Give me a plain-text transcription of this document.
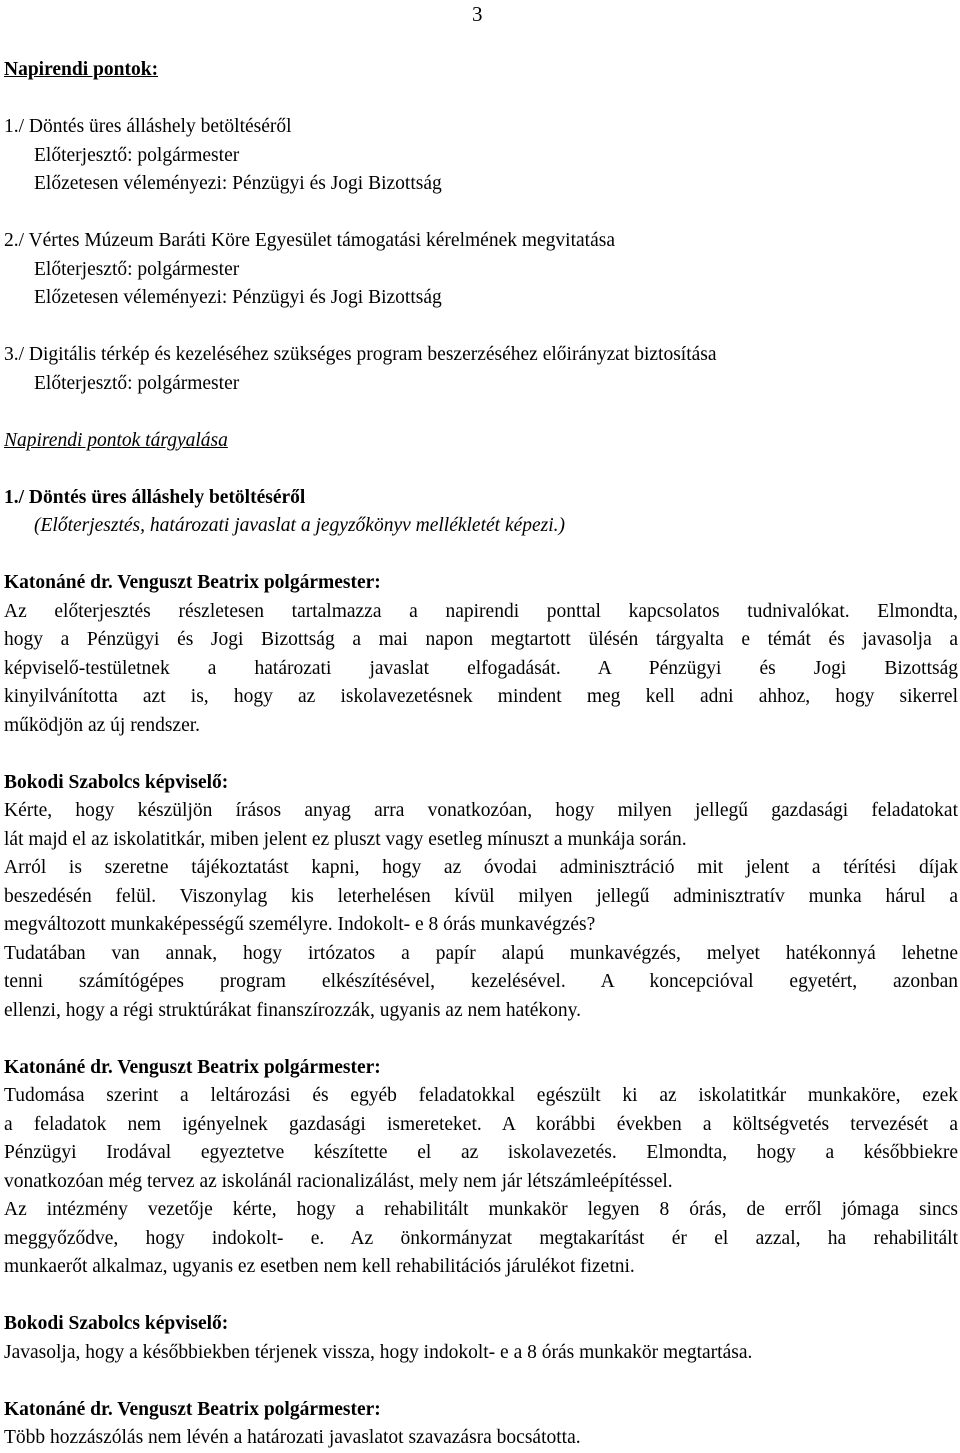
3
Napirendi pontok:
1./ Döntés üres álláshely betöltéséről
Előterjesztő: polgármester
Előzetesen véleményezi: Pénzügyi és Jogi Bizottság
2./ Vértes Múzeum Baráti Köre Egyesület támogatási kérelmének megvitatása
Előterjesztő: polgármester
Előzetesen véleményezi: Pénzügyi és Jogi Bizottság
3./ Digitális térkép és kezeléséhez szükséges program beszerzéséhez előirányzat biztosítása
Előterjesztő: polgármester
Napirendi pontok tárgyalása
1./ Döntés üres álláshely betöltéséről
(Előterjesztés, határozati javaslat a jegyzőkönyv mellékletét képezi.)
Katonáné dr. Venguszt Beatrix polgármester:
Az előterjesztés részletesen tartalmazza a napirendi ponttal kapcsolatos tudnivalókat. Elmondta,
hogy a Pénzügyi és Jogi Bizottság a mai napon megtartott ülésén tárgyalta e témát és javasolja a
képviselő-testületnek a határozati javaslat elfogadását. A Pénzügyi és Jogi Bizottság
kinyilvánította azt is, hogy az iskolavezetésnek mindent meg kell adni ahhoz, hogy sikerrel
működjön az új rendszer.
Bokodi Szabolcs képviselő:
Kérte, hogy készüljön írásos anyag arra vonatkozóan, hogy milyen jellegű gazdasági feladatokat
lát majd el az iskolatitkár, miben jelent ez pluszt vagy esetleg mínuszt a munkája során.
Arról is szeretne tájékoztatást kapni, hogy az óvodai adminisztráció mit jelent a térítési díjak
beszedésén felül. Viszonylag kis leterhelésen kívül milyen jellegű adminisztratív munka hárul a
megváltozott munkaképességű személyre. Indokolt- e 8 órás munkavégzés?
Tudatában van annak, hogy irtózatos a papír alapú munkavégzés, melyet hatékonnyá lehetne
tenni számítógépes program elkészítésével, kezelésével. A koncepcióval egyetért, azonban
ellenzi, hogy a régi struktúrákat finanszírozzák, ugyanis az nem hatékony.
Katonáné dr. Venguszt Beatrix polgármester:
Tudomása szerint a leltározási és egyéb feladatokkal egészült ki az iskolatitkár munkaköre, ezek
a feladatok nem igényelnek gazdasági ismereteket. A korábbi években a költségvetés tervezését a
Pénzügyi Irodával egyeztetve készítette el az iskolavezetés. Elmondta, hogy a későbbiekre
vonatkozóan még tervez az iskolánál racionalizálást, mely nem jár létszámleépítéssel.
Az intézmény vezetője kérte, hogy a rehabilitált munkakör legyen 8 órás, de erről jómaga sincs
meggyőződve, hogy indokolt- e. Az önkormányzat megtakarítást ér el azzal, ha rehabilitált
munkaerőt alkalmaz, ugyanis ez esetben nem kell rehabilitációs járulékot fizetni.
Bokodi Szabolcs képviselő:
Javasolja, hogy a későbbiekben térjenek vissza, hogy indokolt- e a 8 órás munkakör megtartása.
Katonáné dr. Venguszt Beatrix polgármester:
Több hozzászólás nem lévén a határozati javaslatot szavazásra bocsátotta.
